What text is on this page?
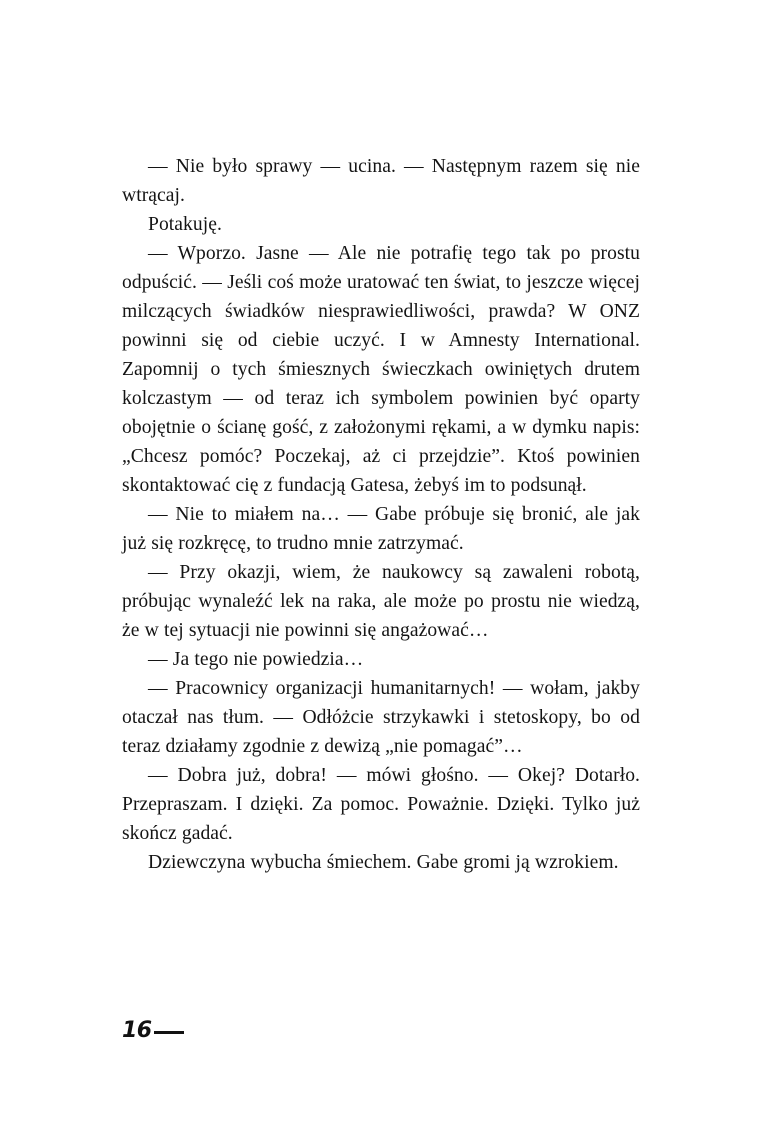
— Nie było sprawy — ucina. — Następnym razem się nie wtrącaj.

Potakuję.

— Wporzo. Jasne — Ale nie potrafię tego tak po prostu odpuścić. — Jeśli coś może uratować ten świat, to jeszcze więcej milczących świadków niesprawiedliwości, prawda? W ONZ powinni się od ciebie uczyć. I w Amnesty International. Zapomnij o tych śmiesznych świeczkach owiniętych drutem kolczastym — od teraz ich symbolem powinien być oparty obojętnie o ścianę gość, z założonymi rękami, a w dymku napis: „Chcesz pomóc? Poczekaj, aż ci przejdzie”. Ktoś powinien skontaktować cię z fundacją Gatesa, żebyś im to podsunął.

— Nie to miałem na… — Gabe próbuje się bronić, ale jak już się rozkręcę, to trudno mnie zatrzymać.

— Przy okazji, wiem, że naukowcy są zawaleni robotą, próbując wynaleźć lek na raka, ale może po prostu nie wiedzą, że w tej sytuacji nie powinni się angażować…

— Ja tego nie powiedzia…

— Pracownicy organizacji humanitarnych! — wołam, jakby otaczał nas tłum. — Odłóżcie strzykawki i stetoskopy, bo od teraz działamy zgodnie z dewizą „nie pomagać”…

— Dobra już, dobra! — mówi głośno. — Okej? Dotarło. Przepraszam. I dzięki. Za pomoc. Poważnie. Dzięki. Tylko już skończ gadać.

Dziewczyna wybucha śmiechem. Gabe gromi ją wzrokiem.

16
